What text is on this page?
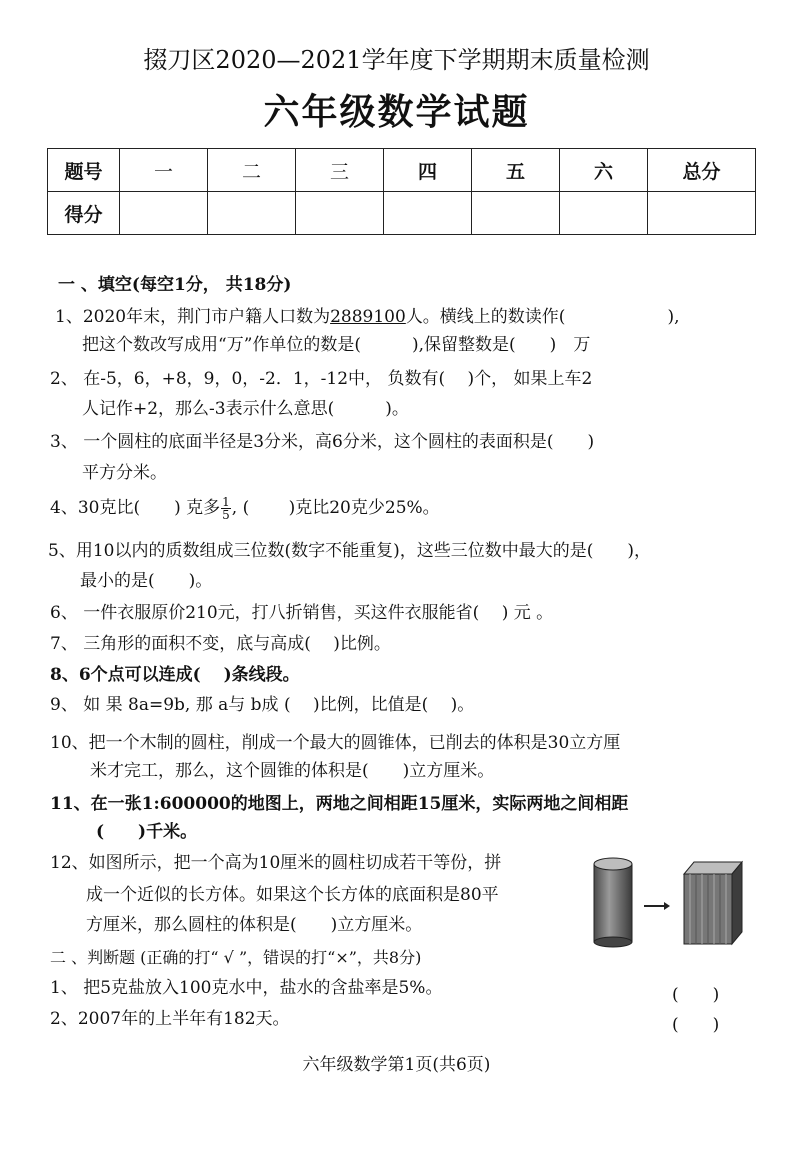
掇刀区2020—2021学年度下学期期末质量检测
六年级数学试题
题号	一	二	三	四	五	六	总分
得分							
一 、填空(每空1分， 共18分)
1、2020年末，荆门市户籍人口数为2889100人。横线上的数读作(　　　　　　),
把这个数改写成用“万”作单位的数是(　　　),保留整数是(　　)　万
2、 在-5，6，+8，9，0，-2．1，-12中， 负数有(　 )个， 如果上车2
人记作+2，那么-3表示什么意思(　　　)。
3、 一个圆柱的底面半径是3分米，高6分米，这个圆柱的表面积是(　　)
平方分米。
4、30克比(　　) 克多 $\frac{1}{5}$ , (　　 )克比20克少25%。
5、用10以内的质数组成三位数(数字不能重复)，这些三位数中最大的是(　　)，
最小的是(　　)。
6、 一件衣服原价210元，打八折销售，买这件衣服能省(　 ) 元 。
7、 三角形的面积不变，底与高成(　 )比例。
8、6个点可以连成(　 )条线段。
9、 如 果 8a=9b, 那 a与 b成 (　 )比例，比值是(　 )。
10、把一个木制的圆柱，削成一个最大的圆锥体，已削去的体积是30立方厘
米才完工，那么，这个圆锥的体积是(　　)立方厘米。
11、在一张1:600000的地图上，两地之间相距15厘米，实际两地之间相距
(　　)千米。
12、如图所示，把一个高为10厘米的圆柱切成若干等份，拼
成一个近似的长方体。如果这个长方体的底面积是80平
方厘米，那么圆柱的体积是(　　)立方厘米。
二 、判断题 (正确的打“ √ ”，错误的打“×”，共8分)
1、 把5克盐放入100克水中，盐水的含盐率是5%。	(　　)
2、2007年的上半年有182天。	(　　)
六年级数学第1页(共6页)
